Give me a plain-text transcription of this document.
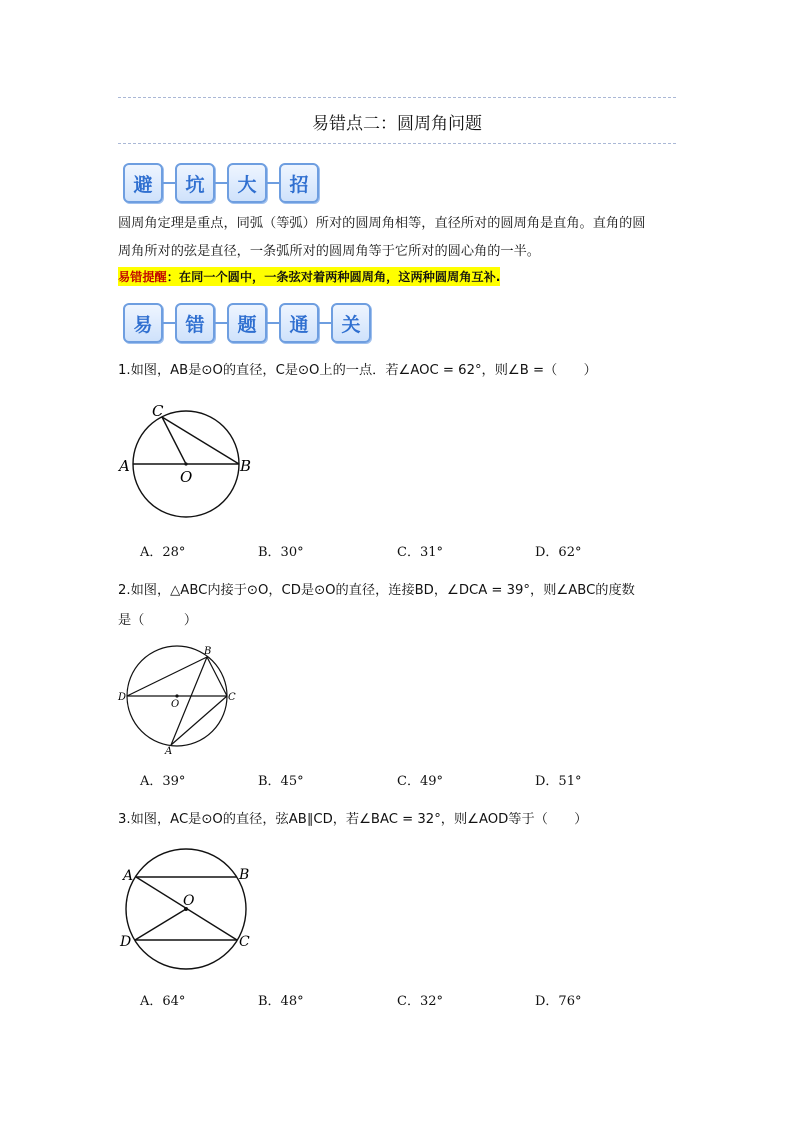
易错点二：圆周角问题
避	坑	大	招
圆周角定理是重点，同弧（等弧）所对的圆周角相等，直径所对的圆周角是直角。直角的圆
周角所对的弦是直径，一条弧所对的圆周角等于它所对的圆心角的一半。
易错提醒：在同一个圆中，一条弦对着两种圆周角，这两种圆周角互补.
易	错	题	通	关
1.如图，AB是⊙O的直径，C是⊙O上的一点．若∠AOC = 62°，则∠B =（　　）
C
A	B
O
A．28°	B．30°	C．31°	D．62°
2.如图，△ABC内接于⊙O，CD是⊙O的直径，连接BD，∠DCA = 39°，则∠ABC的度数
是（　　　）
B
D	C
O
A
A．39°	B．45°	C．49°	D．51°
3.如图，AC是⊙O的直径，弦AB∥CD，若∠BAC = 32°，则∠AOD等于（　　）
A	B
O
D	C
A．64°	B．48°	C．32°	D．76°
